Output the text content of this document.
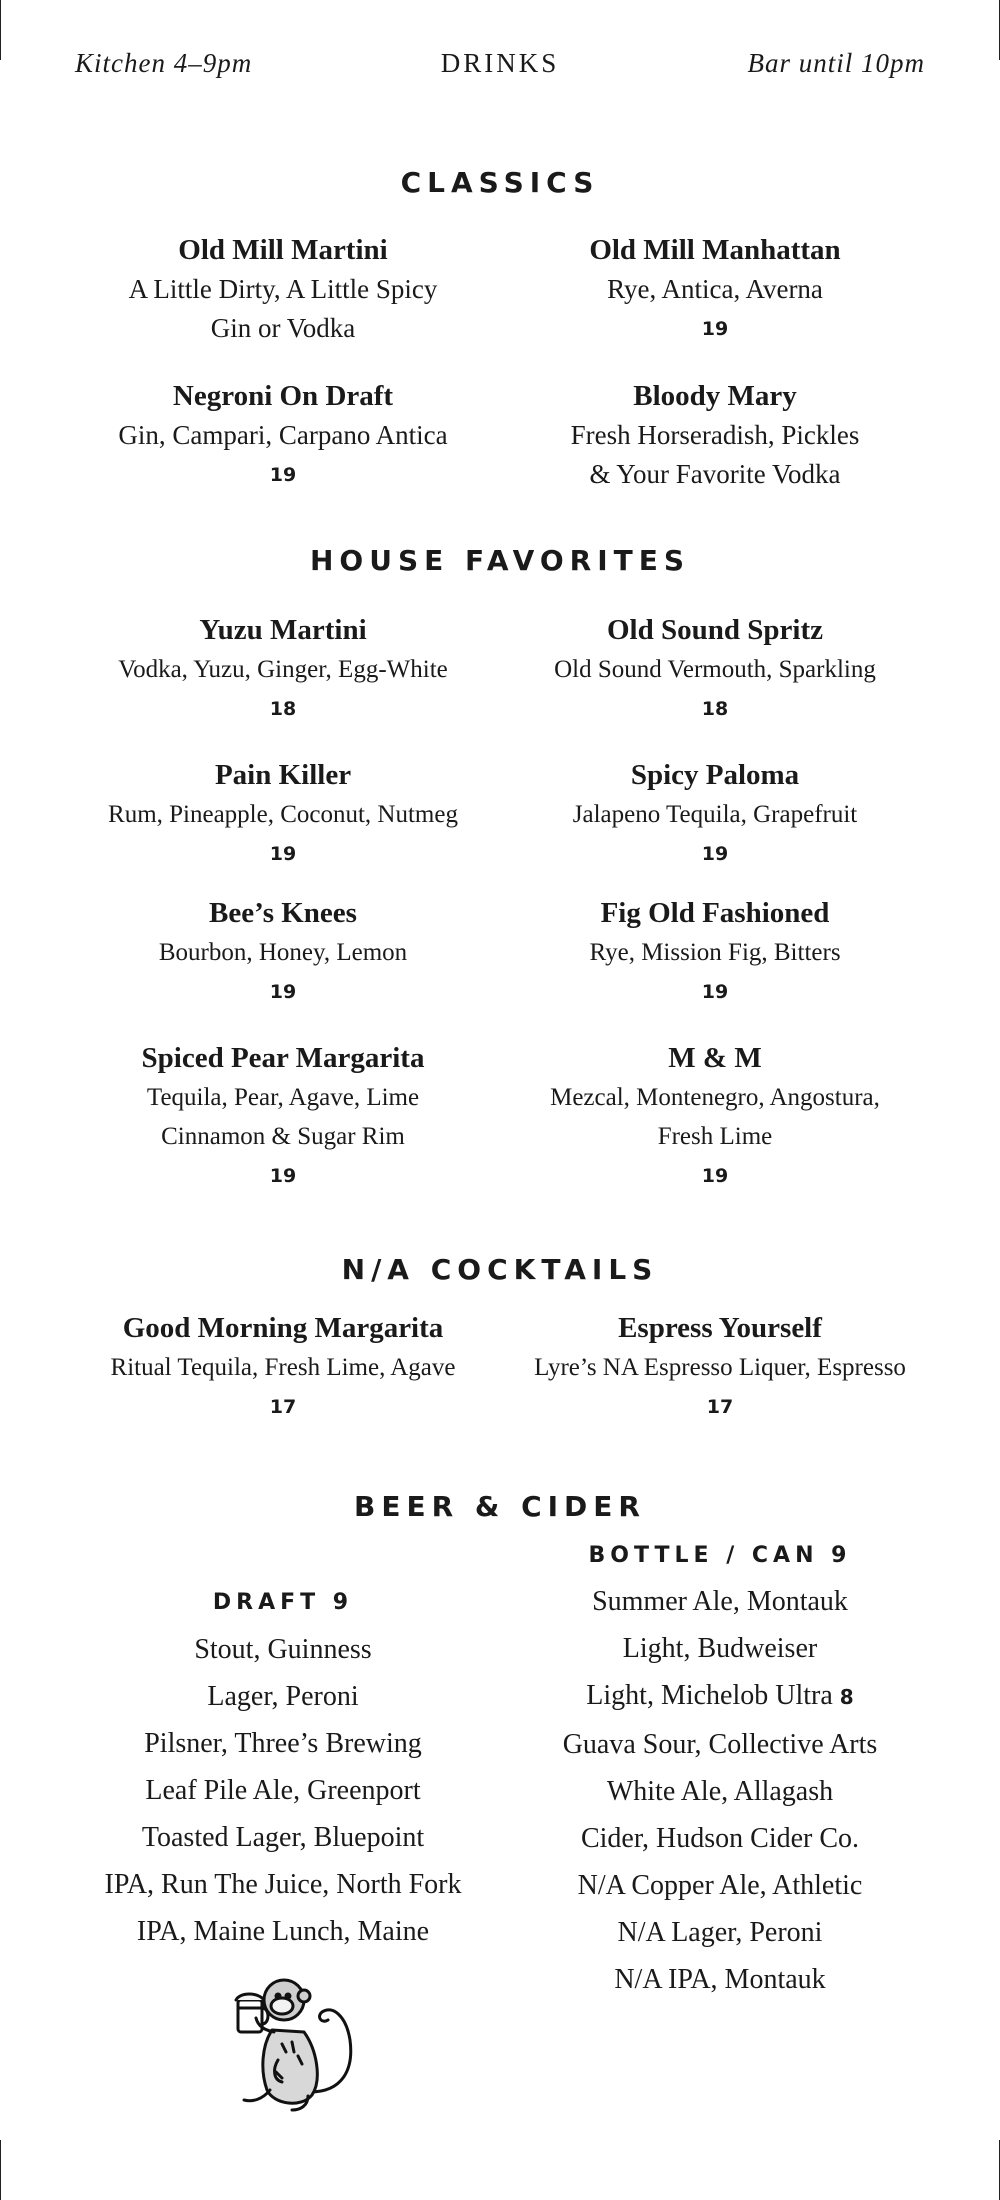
Kitchen 4–9pm	DRINKS	Bar until 10pm
CLASSICS
Old Mill Martini
A Little Dirty, A Little Spicy
Gin or Vodka
Old Mill Manhattan
Rye, Antica, Averna
19
Negroni On Draft
Gin, Campari, Carpano Antica
19
Bloody Mary
Fresh Horseradish, Pickles
& Your Favorite Vodka
HOUSE FAVORITES
Yuzu Martini
Vodka, Yuzu, Ginger, Egg-White
18
Old Sound Spritz
Old Sound Vermouth, Sparkling
18
Pain Killer
Rum, Pineapple, Coconut, Nutmeg
19
Spicy Paloma
Jalapeno Tequila, Grapefruit
19
Bee’s Knees
Bourbon, Honey, Lemon
19
Fig Old Fashioned
Rye, Mission Fig, Bitters
19
Spiced Pear Margarita
Tequila, Pear, Agave, Lime
Cinnamon & Sugar Rim
19
M & M
Mezcal, Montenegro, Angostura,
Fresh Lime
19
N/A COCKTAILS
Good Morning Margarita
Ritual Tequila, Fresh Lime, Agave
17
Espress Yourself
Lyre’s NA Espresso Liquer, Espresso
17
BEER & CIDER
DRAFT 9
Stout, Guinness
Lager, Peroni
Pilsner, Three’s Brewing
Leaf Pile Ale, Greenport
Toasted Lager, Bluepoint
IPA, Run The Juice, North Fork
IPA, Maine Lunch, Maine
BOTTLE / CAN 9
Summer Ale, Montauk
Light, Budweiser
Light, Michelob Ultra 8
Guava Sour, Collective Arts
White Ale, Allagash
Cider, Hudson Cider Co.
N/A Copper Ale, Athletic
N/A Lager, Peroni
N/A IPA, Montauk
